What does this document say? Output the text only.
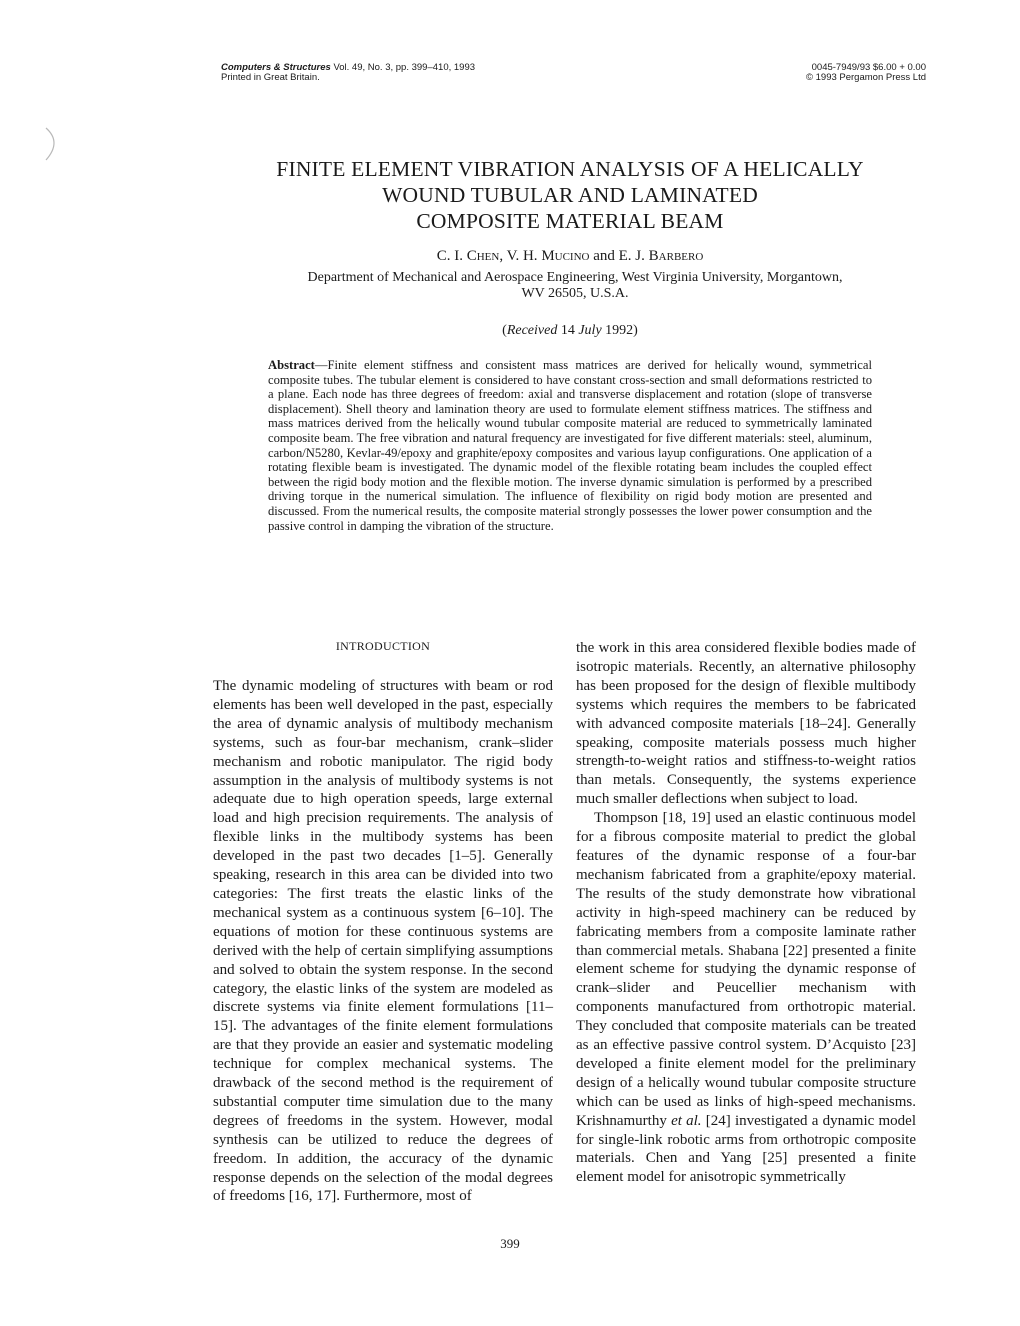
Computers & Structures Vol. 49, No. 3, pp. 399–410, 1993
Printed in Great Britain.
0045-7949/93 $6.00 + 0.00
© 1993 Pergamon Press Ltd
FINITE ELEMENT VIBRATION ANALYSIS OF A HELICALLY
WOUND TUBULAR AND LAMINATED
COMPOSITE MATERIAL BEAM
C. I. Chen, V. H. Mucino and E. J. Barbero
Department of Mechanical and Aerospace Engineering, West Virginia University, Morgantown,
WV 26505, U.S.A.
(Received 14 July 1992)
Abstract—Finite element stiffness and consistent mass matrices are derived for helically wound, symmetrical composite tubes. The tubular element is considered to have constant cross-section and small deformations restricted to a plane. Each node has three degrees of freedom: axial and transverse displacement and rotation (slope of transverse displacement). Shell theory and lamination theory are used to formulate element stiffness matrices. The stiffness and mass matrices derived from the helically wound tubular composite material are reduced to symmetrically laminated composite beam. The free vibration and natural frequency are investigated for five different materials: steel, aluminum, carbon/N5280, Kevlar-49/epoxy and graphite/epoxy composites and various layup configurations. One application of a rotating flexible beam is investigated. The dynamic model of the flexible rotating beam includes the coupled effect between the rigid body motion and the flexible motion. The inverse dynamic simulation is performed by a prescribed driving torque in the numerical simulation. The influence of flexibility on rigid body motion are presented and discussed. From the numerical results, the composite material strongly possesses the lower power consumption and the passive control in damping the vibration of the structure.

INTRODUCTION

The dynamic modeling of structures with beam or rod elements has been well developed in the past, especially the area of dynamic analysis of multibody mechanism systems, such as four-bar mechanism, crank–slider mechanism and robotic manipulator. The rigid body assumption in the analysis of multibody systems is not adequate due to high operation speeds, large external load and high precision requirements. The analysis of flexible links in the multibody systems has been developed in the past two decades [1–5]. Generally speaking, research in this area can be divided into two categories: The first treats the elastic links of the mechanical system as a continuous system [6–10]. The equations of motion for these continuous systems are derived with the help of certain simplifying assumptions and solved to obtain the system response. In the second category, the elastic links of the system are modeled as discrete systems via finite element formulations [11–15]. The advantages of the finite element formulations are that they provide an easier and systematic modeling technique for complex mechanical systems. The drawback of the second method is the requirement of substantial computer time simulation due to the many degrees of freedoms in the system. However, modal synthesis can be utilized to reduce the degrees of freedom. In addition, the accuracy of the dynamic response depends on the selection of the modal degrees of freedoms [16, 17]. Furthermore, most of

the work in this area considered flexible bodies made of isotropic materials. Recently, an alternative philosophy has been proposed for the design of flexible multibody systems which requires the members to be fabricated with advanced composite materials [18–24]. Generally speaking, composite materials possess much higher strength-to-weight ratios and stiffness-to-weight ratios than metals. Consequently, the systems experience much smaller deflections when subject to load.

Thompson [18, 19] used an elastic continuous model for a fibrous composite material to predict the global features of the dynamic response of a four-bar mechanism fabricated from a graphite/epoxy material. The results of the study demonstrate how vibrational activity in high-speed machinery can be reduced by fabricating members from a composite laminate rather than commercial metals. Shabana [22] presented a finite element scheme for studying the dynamic response of crank–slider and Peucellier mechanism with components manufactured from orthotropic material. They concluded that composite materials can be treated as an effective passive control system. D’Acquisto [23] developed a finite element model for the preliminary design of a helically wound tubular composite structure which can be used as links of high-speed mechanisms. Krishnamurthy et al. [24] investigated a dynamic model for single-link robotic arms from orthotropic composite materials. Chen and Yang [25] presented a finite element model for anisotropic symmetrically

399
